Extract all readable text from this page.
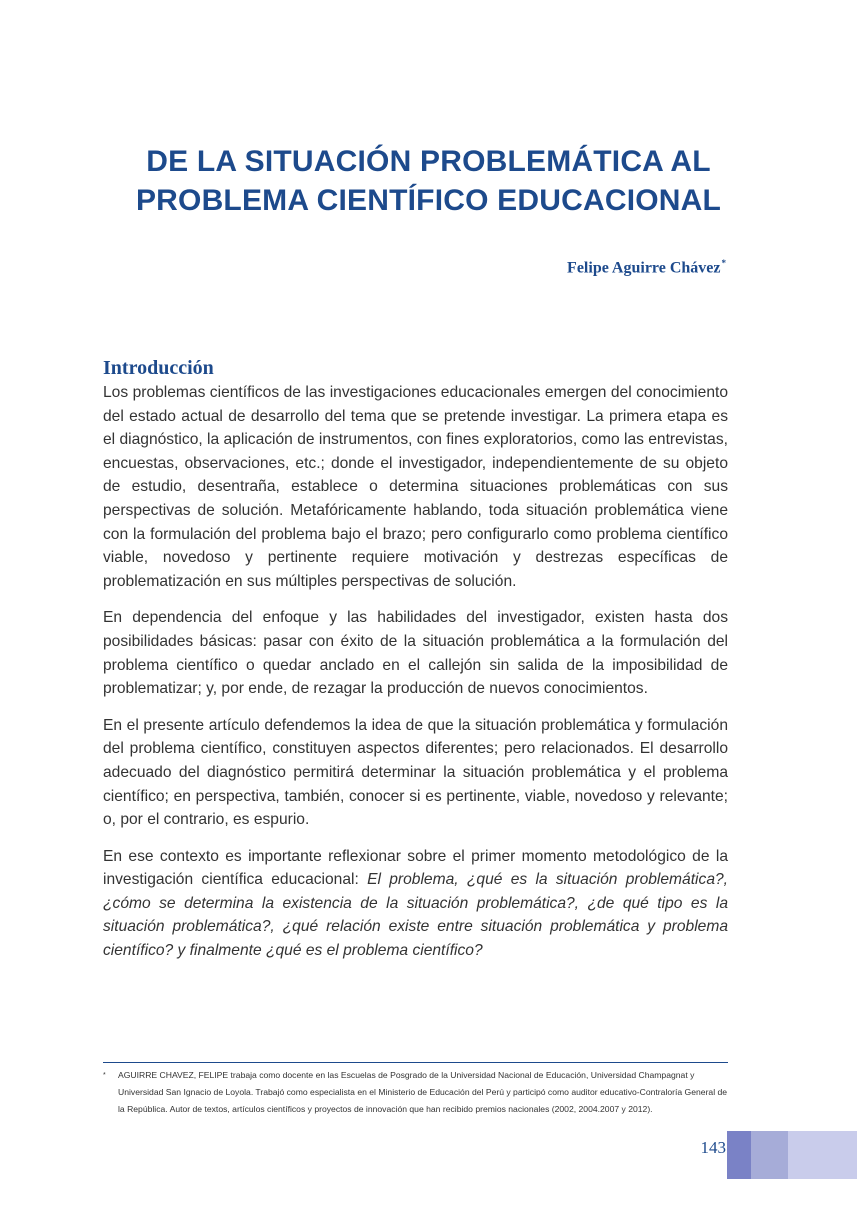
DE LA SITUACIÓN PROBLEMÁTICA AL
PROBLEMA CIENTÍFICO EDUCACIONAL
Felipe Aguirre Chávez*
Introducción

Los problemas científicos de las investigaciones educacionales emergen del conocimiento del estado actual de desarrollo del tema que se pretende investigar. La primera etapa es el diagnóstico, la aplicación de instrumentos, con fines exploratorios, como las entrevistas, encuestas, observaciones, etc.; donde el investigador, independientemente de su objeto de estudio, desentraña, establece o determina situaciones problemáticas con sus perspectivas de solución. Metafóricamente hablando, toda situación problemática viene con la formulación del problema bajo el brazo; pero configurarlo como problema científico viable, novedoso y pertinente requiere motivación y destrezas específicas de problematización en sus múltiples perspectivas de solución.

En dependencia del enfoque y las habilidades del investigador, existen hasta dos posibilidades básicas: pasar con éxito de la situación problemática a la formulación del problema científico o quedar anclado en el callejón sin salida de la imposibilidad de problematizar; y, por ende, de rezagar la producción de nuevos conocimientos.

En el presente artículo defendemos la idea de que la situación problemática y formulación del problema científico, constituyen aspectos diferentes; pero relacionados. El desarrollo adecuado del diagnóstico permitirá determinar la situación problemática y el problema científico; en perspectiva, también, conocer si es pertinente, viable, novedoso y relevante; o, por el contrario, es espurio.

En ese contexto es importante reflexionar sobre el primer momento metodológico de la investigación científica educacional: El problema, ¿qué es la situación problemática?, ¿cómo se determina la existencia de la situación problemática?, ¿de qué tipo es la situación problemática?, ¿qué relación existe entre situación problemática y problema científico? y finalmente ¿qué es el problema científico?

* AGUIRRE CHAVEZ, FELIPE trabaja como docente en las Escuelas de Posgrado de la Universidad Nacional de Educación, Universidad Champagnat y Universidad San Ignacio de Loyola. Trabajó como especialista en el Ministerio de Educación del Perú y participó como auditor educativo-Contraloría General de la República. Autor de textos, artículos científicos y proyectos de innovación que han recibido premios nacionales (2002, 2004.2007 y 2012).
143
